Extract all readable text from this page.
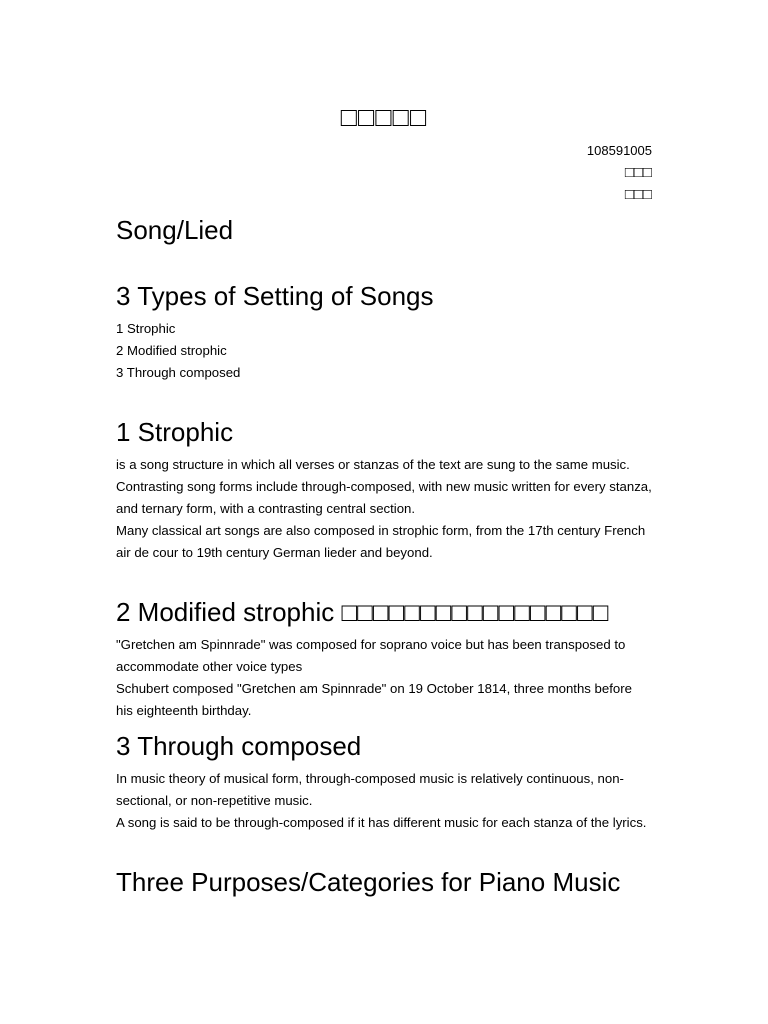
□□□□□
108591005
□□□
□□□
Song/Lied
3 Types of Setting of Songs

1 Strophic

2 Modified strophic

3 Through composed

1 Strophic

is a song structure in which all verses or stanzas of the text are sung to the same music.

Contrasting song forms include through-composed, with new music written for every stanza, and ternary form, with a contrasting central section.

Many classical art songs are also composed in strophic form, from the 17th century French air de cour to 19th century German lieder and beyond.

2 Modified strophic □□□□□□□□□□□□□□□□□

"Gretchen am Spinnrade" was composed for soprano voice but has been transposed to accommodate other voice types

Schubert composed "Gretchen am Spinnrade" on 19 October 1814, three months before his eighteenth birthday.

3 Through composed

In music theory of musical form, through-composed music is relatively continuous, non-sectional, or non-repetitive music.

A song is said to be through-composed if it has different music for each stanza of the lyrics.

Three Purposes/Categories for Piano Music
